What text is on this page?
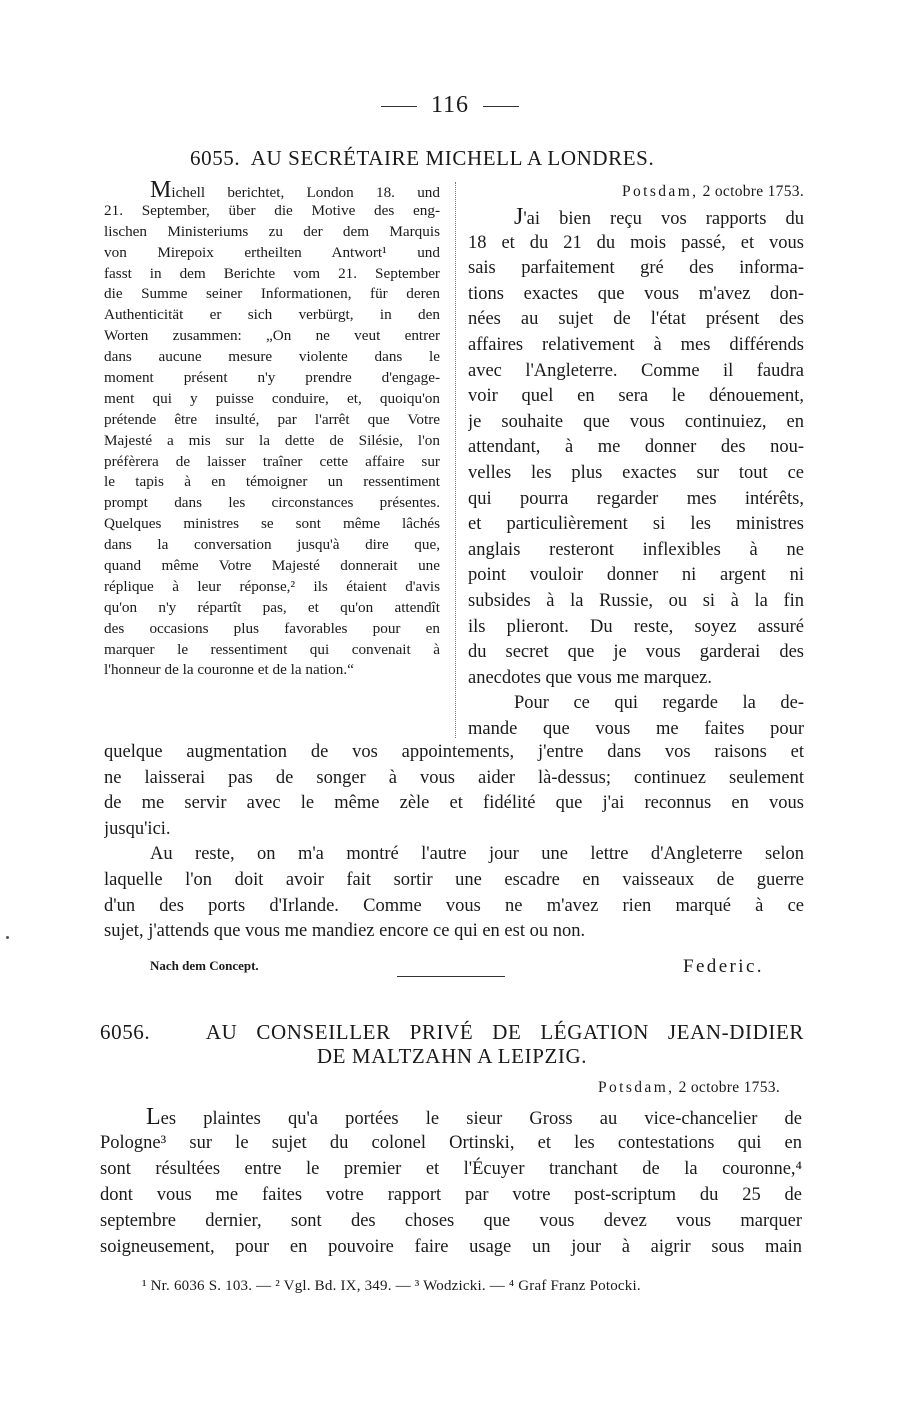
116
6055. AU SECRÉTAIRE MICHELL A LONDRES.
Michell berichtet, London 18. und
21. September, über die Motive des eng-
lischen Ministeriums zu der dem Marquis
von Mirepoix ertheilten Antwort¹ und
fasst in dem Berichte vom 21. September
die Summe seiner Informationen, für deren
Authenticität er sich verbürgt, in den
Worten zusammen: „On ne veut entrer
dans aucune mesure violente dans le
moment présent n'y prendre d'engage-
ment qui y puisse conduire, et, quoiqu'on
prétende être insulté, par l'arrêt que Votre
Majesté a mis sur la dette de Silésie, l'on
préfèrera de laisser traîner cette affaire sur
le tapis à en témoigner un ressentiment
prompt dans les circonstances présentes.
Quelques ministres se sont même lâchés
dans la conversation jusqu'à dire que,
quand même Votre Majesté donnerait une
réplique à leur réponse,² ils étaient d'avis
qu'on n'y répartît pas, et qu'on attendît
des occasions plus favorables pour en
marquer le ressentiment qui convenait à
l'honneur de la couronne et de la nation.“
Potsdam, 2 octobre 1753.
J'ai bien reçu vos rapports du
18 et du 21 du mois passé, et vous
sais parfaitement gré des informa-
tions exactes que vous m'avez don-
nées au sujet de l'état présent des
affaires relativement à mes différends
avec l'Angleterre. Comme il faudra
voir quel en sera le dénouement,
je souhaite que vous continuiez, en
attendant, à me donner des nou-
velles les plus exactes sur tout ce
qui pourra regarder mes intérêts,
et particulièrement si les ministres
anglais resteront inflexibles à ne
point vouloir donner ni argent ni
subsides à la Russie, ou si à la fin
ils plieront. Du reste, soyez assuré
du secret que je vous garderai des
anecdotes que vous me marquez.
Pour ce qui regarde la de-
mande que vous me faites pour
quelque augmentation de vos appointements, j'entre dans vos raisons et
ne laisserai pas de songer à vous aider là-dessus; continuez seulement
de me servir avec le même zèle et fidélité que j'ai reconnus en vous
jusqu'ici.
Au reste, on m'a montré l'autre jour une lettre d'Angleterre selon
laquelle l'on doit avoir fait sortir une escadre en vaisseaux de guerre
d'un des ports d'Irlande. Comme vous ne m'avez rien marqué à ce
sujet, j'attends que vous me mandiez encore ce qui en est ou non.
Nach dem Concept.	Federic.
6056.	AU CONSEILLER PRIVÉ DE LÉGATION JEAN-DIDIER
DE MALTZAHN A LEIPZIG.
Potsdam, 2 octobre 1753.
Les plaintes qu'a portées le sieur Gross au vice-chancelier de
Pologne³ sur le sujet du colonel Ortinski, et les contestations qui en
sont résultées entre le premier et l'Écuyer tranchant de la couronne,⁴
dont vous me faites votre rapport par votre post-scriptum du 25 de
septembre dernier, sont des choses que vous devez vous marquer
soigneusement, pour en pouvoire faire usage un jour à aigrir sous main
¹ Nr. 6036 S. 103. — ² Vgl. Bd. IX, 349. — ³ Wodzicki. — ⁴ Graf Franz Potocki.
